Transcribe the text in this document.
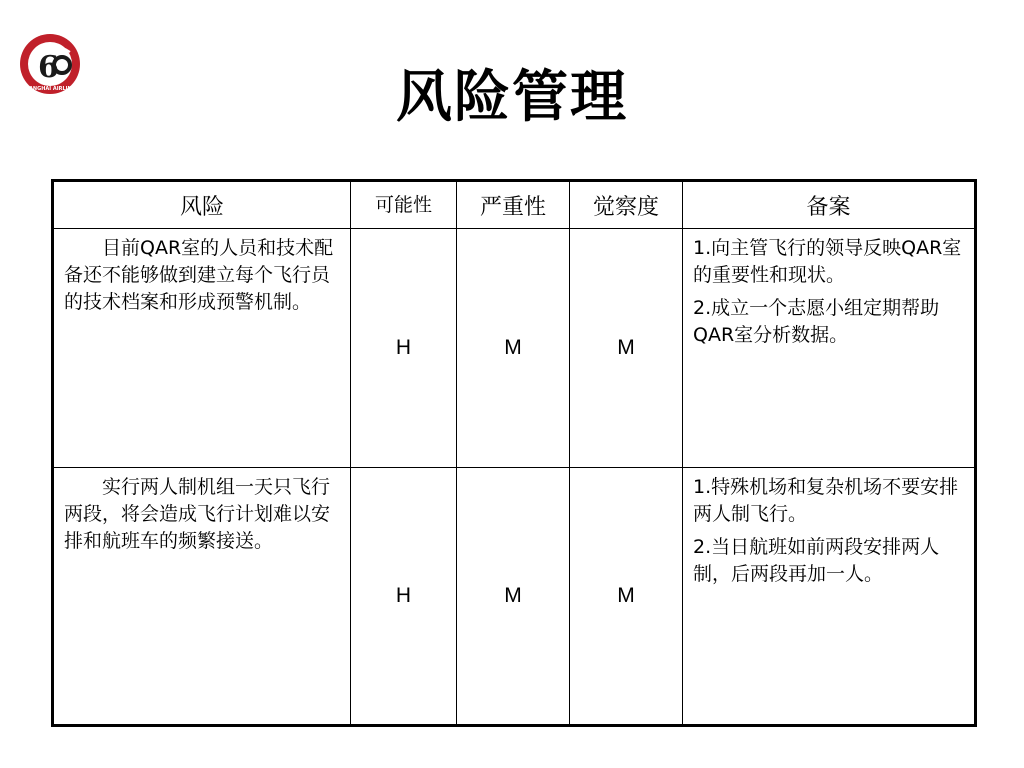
6
SHANGHAI AIRLINES	风险管理
风险	可能性	严重性	觉察度	备案
目前QAR室的人员和技术配备还不能够做到建立每个飞行员的技术档案和形成预警机制。	H	M	M	1.向主管飞行的领导反映QAR室的重要性和现状。

2.成立一个志愿小组定期帮助QAR室分析数据。

实行两人制机组一天只飞行两段，将会造成飞行计划难以安排和航班车的频繁接送。	H	M	M	1.特殊机场和复杂机场不要安排两人制飞行。

2.当日航班如前两段安排两人制，后两段再加一人。
